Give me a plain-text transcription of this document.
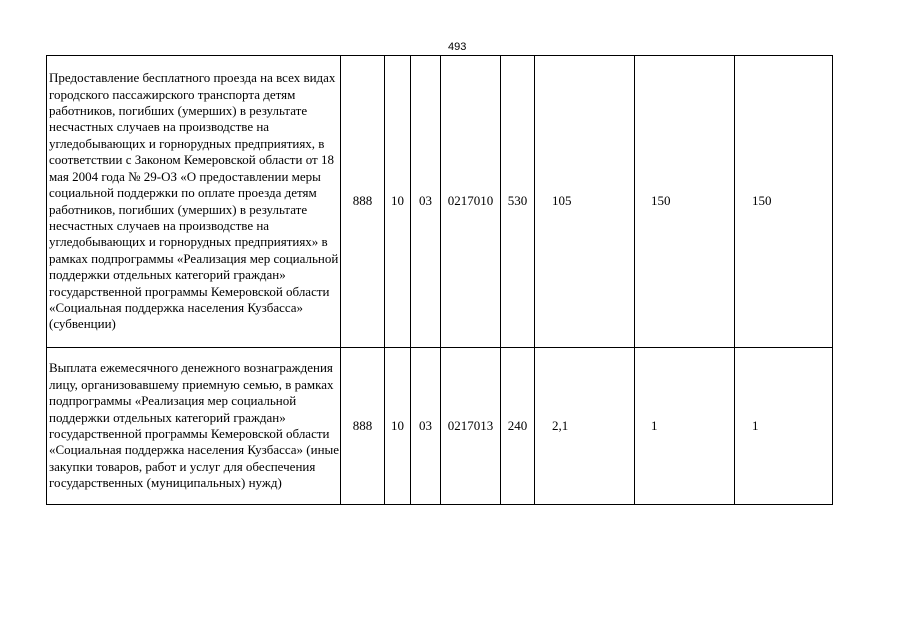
493
Предоставление бесплатного проезда на всех видах городского пассажирского транспорта детям работников, погибших (умерших) в результате несчастных случаев на производстве на угледобывающих и горнорудных предприятиях, в соответствии с Законом Кемеровской области от 18 мая 2004 года № 29-ОЗ «О предоставлении меры социальной поддержки по оплате проезда детям работников, погибших (умерших) в результате несчастных случаев на производстве на угледобывающих и горнорудных предприятиях» в рамках подпрограммы «Реализация мер социальной поддержки отдельных категорий граждан» государственной программы Кемеровской области «Социальная поддержка населения Кузбасса» (субвенции)	888	10	03	0217010	530	105	150	150
Выплата ежемесячного денежного вознаграждения лицу, организовавшему приемную семью, в рамках подпрограммы «Реализация мер социальной поддержки отдельных категорий граждан» государственной программы Кемеровской области «Социальная поддержка населения Кузбасса» (иные закупки товаров, работ и услуг для обеспечения государственных (муниципальных) нужд)	888	10	03	0217013	240	2,1	1	1
